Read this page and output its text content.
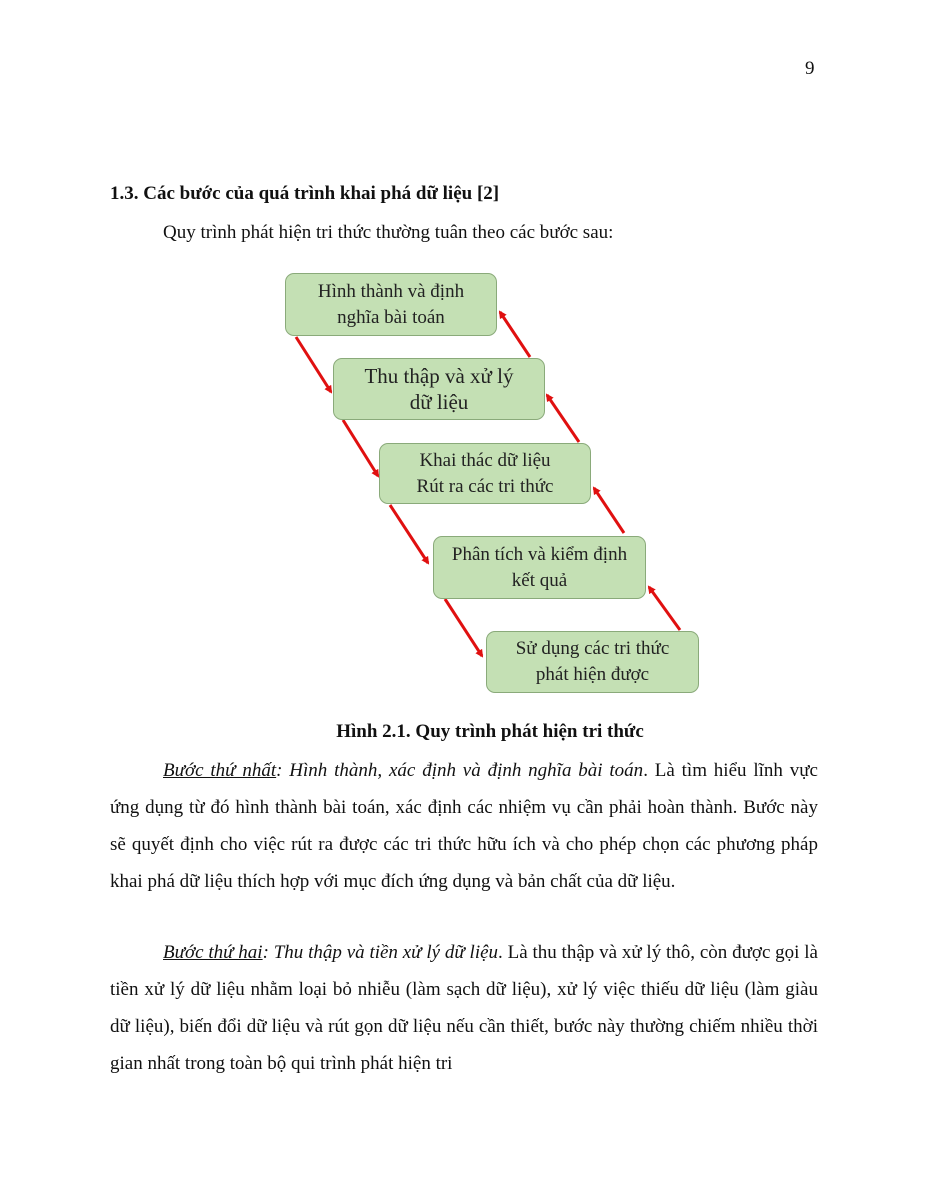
9
1.3. Các bước của quá trình khai phá dữ liệu [2]
Quy trình phát hiện tri thức thường tuân theo các bước sau:
Hình thành và định
nghĩa bài toán
Thu thập và xử lý
dữ liệu
Khai thác dữ liệu
Rút ra các tri thức
Phân tích và kiểm định
kết quả
Sử dụng các tri thức
phát hiện được
Hình 2.1. Quy trình phát hiện tri thức

Bước thứ nhất: Hình thành, xác định và định nghĩa bài toán. Là tìm hiểu lĩnh vực ứng dụng từ đó hình thành bài toán, xác định các nhiệm vụ cần phải hoàn thành. Bước này sẽ quyết định cho việc rút ra được các tri thức hữu ích và cho phép chọn các phương pháp khai phá dữ liệu thích hợp với mục đích ứng dụng và bản chất của dữ liệu.

Bước thứ hai: Thu thập và tiền xử lý dữ liệu. Là thu thập và xử lý thô, còn được gọi là tiền xử lý dữ liệu nhằm loại bỏ nhiễu (làm sạch dữ liệu), xử lý việc thiếu dữ liệu (làm giàu dữ liệu), biến đổi dữ liệu và rút gọn dữ liệu nếu cần thiết, bước này thường chiếm nhiều thời gian nhất trong toàn bộ qui trình phát hiện tri
